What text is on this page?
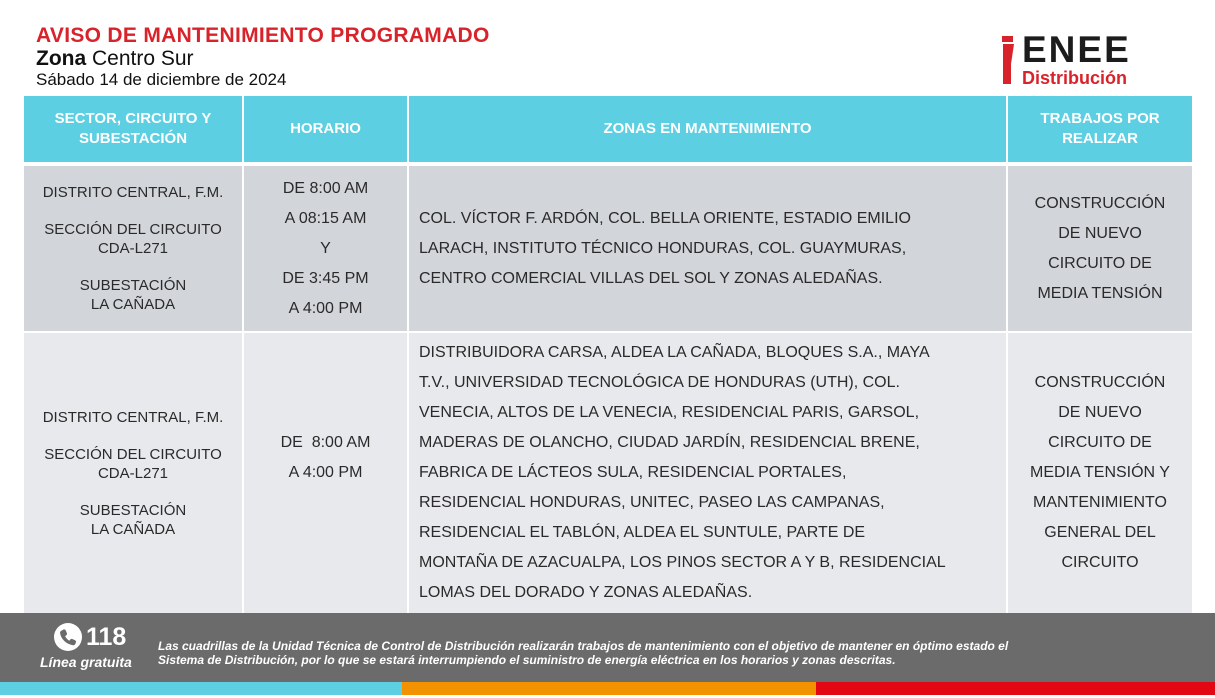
AVISO DE MANTENIMIENTO PROGRAMADO
Zona Centro Sur
Sábado 14 de diciembre de 2024
ENEE
Distribución
SECTOR, CIRCUITO Y
SUBESTACIÓN
HORARIO	ZONAS EN MANTENIMIENTO
TRABAJOS POR
REALIZAR
DISTRITO CENTRAL, F.M.
SECCIÓN DEL CIRCUITO
CDA-L271
SUBESTACIÓN
LA CAÑADA
DE 8:00 AM
A 08:15 AM
Y
DE 3:45 PM
A 4:00 PM
COL. VÍCTOR F. ARDÓN, COL. BELLA ORIENTE, ESTADIO EMILIO
LARACH, INSTITUTO TÉCNICO HONDURAS, COL. GUAYMURAS,
CENTRO COMERCIAL VILLAS DEL SOL Y ZONAS ALEDAÑAS.
CONSTRUCCIÓN
DE NUEVO
CIRCUITO DE
MEDIA TENSIÓN
DISTRITO CENTRAL, F.M.
SECCIÓN DEL CIRCUITO
CDA-L271
SUBESTACIÓN
LA CAÑADA
DE  8:00 AM
A 4:00 PM
DISTRIBUIDORA CARSA, ALDEA LA CAÑADA, BLOQUES S.A., MAYA
T.V., UNIVERSIDAD TECNOLÓGICA DE HONDURAS (UTH), COL.
VENECIA, ALTOS DE LA VENECIA, RESIDENCIAL PARIS, GARSOL,
MADERAS DE OLANCHO, CIUDAD JARDÍN, RESIDENCIAL BRENE,
FABRICA DE LÁCTEOS SULA, RESIDENCIAL PORTALES,
RESIDENCIAL HONDURAS, UNITEC, PASEO LAS CAMPANAS,
RESIDENCIAL EL TABLÓN, ALDEA EL SUNTULE, PARTE DE
MONTAÑA DE AZACUALPA, LOS PINOS SECTOR A Y B, RESIDENCIAL
LOMAS DEL DORADO Y ZONAS ALEDAÑAS.
CONSTRUCCIÓN
DE NUEVO
CIRCUITO DE
MEDIA TENSIÓN Y
MANTENIMIENTO
GENERAL DEL
CIRCUITO
118
Línea gratuita
Las cuadrillas de la Unidad Técnica de Control de Distribución realizarán trabajos de mantenimiento con el objetivo de mantener en óptimo estado el
Sistema de Distribución, por lo que se estará interrumpiendo el suministro de energía eléctrica en los horarios y zonas descritas.
